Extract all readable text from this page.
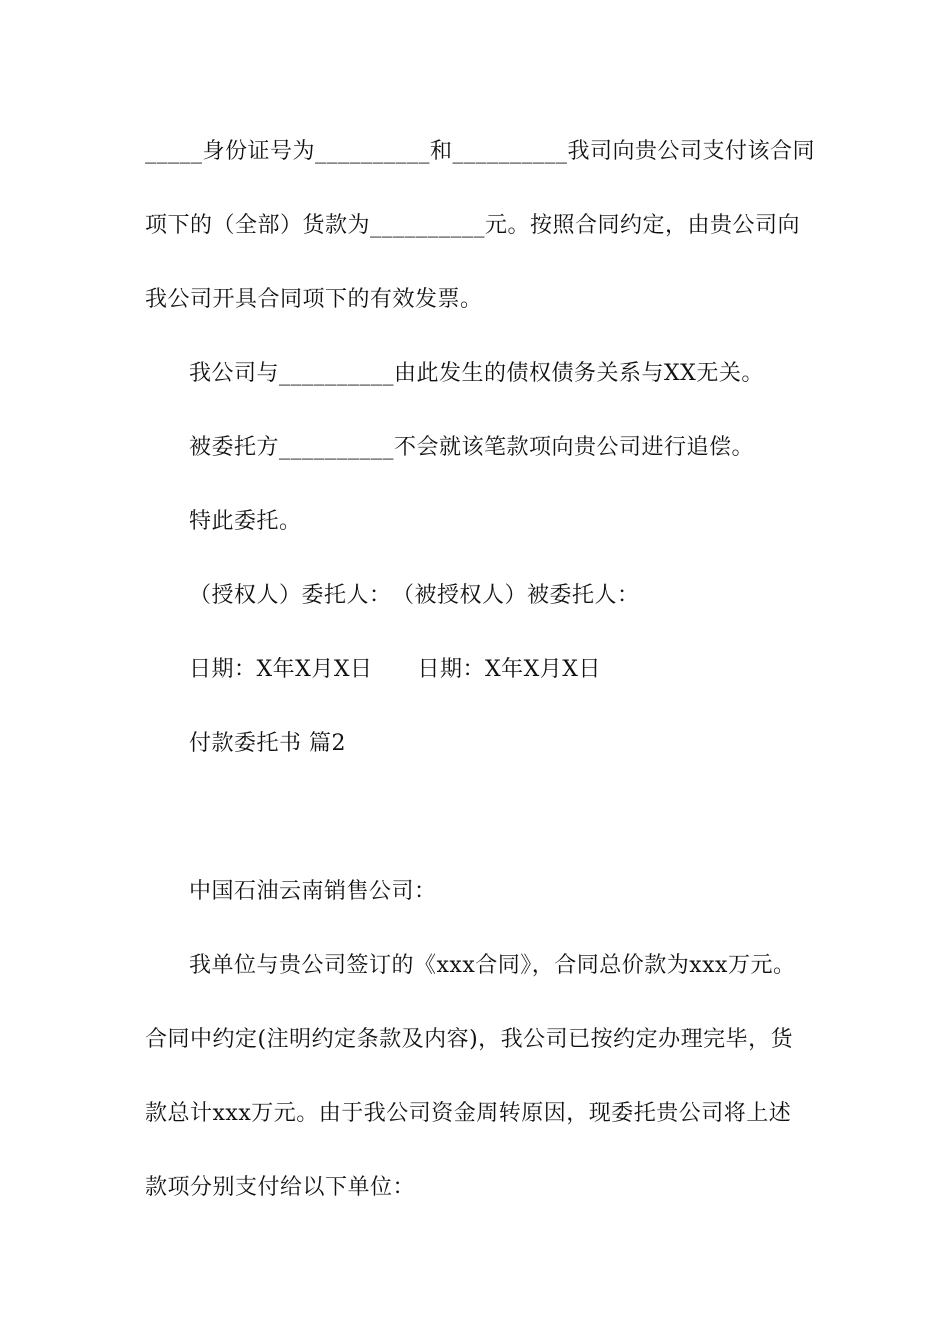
_____身份证号为__________和__________我司向贵公司支付该合同
项下的（全部）货款为__________元。按照合同约定，由贵公司向
我公司开具合同项下的有效发票。
我公司与__________由此发生的债权债务关系与XX无关。
被委托方__________不会就该笔款项向贵公司进行追偿。
特此委托。
（授权人）委托人：　（被授权人）被委托人：
日期：X年X月X日　　日期：X年X月X日
付款委托书 篇2
中国石油云南销售公司：
我单位与贵公司签订的《xxx合同》，合同总价款为xxx万元。
合同中约定(注明约定条款及内容)，我公司已按约定办理完毕，货
款总计xxx万元。由于我公司资金周转原因，现委托贵公司将上述
款项分别支付给以下单位：
